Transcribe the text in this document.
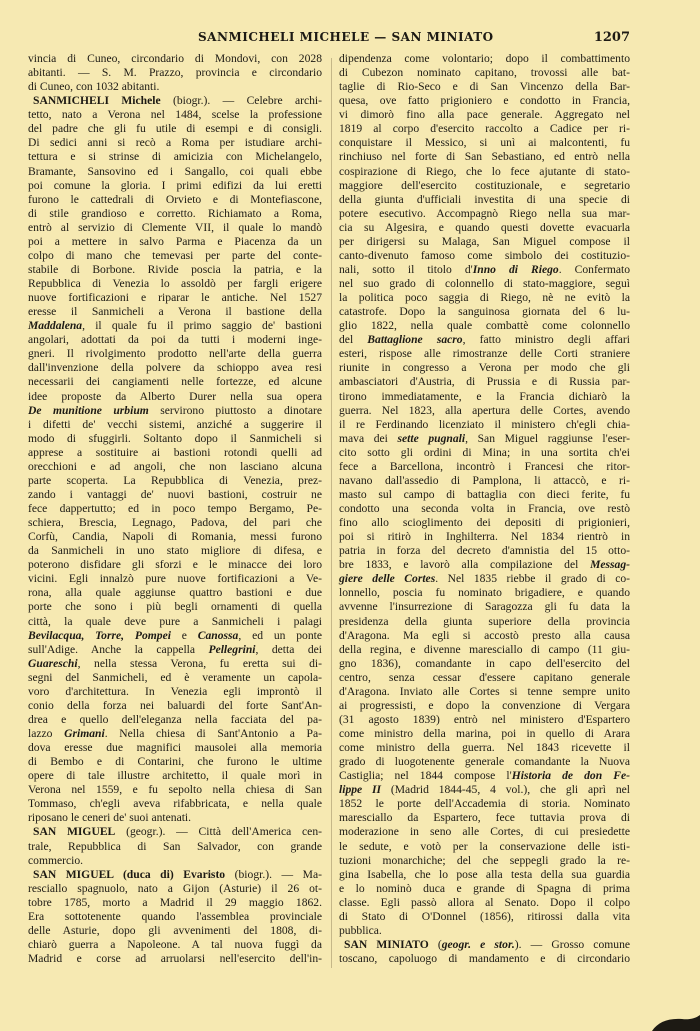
SANMICHELI MICHELE — SAN MINIATO	1207
vincia di Cuneo, circondario di Mondovi, con 2028
abitanti. — S. M. Prazzo, provincia e circondario
di Cuneo, con 1032 abitanti.
SANMICHELI Michele (biogr.). — Celebre archi-
tetto, nato a Verona nel 1484, scelse la professione
del padre che gli fu utile di esempi e di consigli.
Di sedici anni si recò a Roma per istudiare archi-
tettura e si strinse di amicizia con Michelangelo,
Bramante, Sansovino ed i Sangallo, coi quali ebbe
poi comune la gloria. I primi edifizi da lui eretti
furono le cattedrali di Orvieto e di Montefiascone,
di stile grandioso e corretto. Richiamato a Roma,
entrò al servizio di Clemente VII, il quale lo mandò
poi a mettere in salvo Parma e Piacenza da un
colpo di mano che temevasi per parte del conte-
stabile di Borbone. Rivide poscia la patria, e la
Repubblica di Venezia lo assoldò per fargli erigere
nuove fortificazioni e riparar le antiche. Nel 1527
eresse il Sanmicheli a Verona il bastione della
Maddalena, il quale fu il primo saggio de' bastioni
angolari, adottati da poi da tutti i moderni inge-
gneri. Il rivolgimento prodotto nell'arte della guerra
dall'invenzione della polvere da schioppo avea resi
necessarii dei cangiamenti nelle fortezze, ed alcune
idee proposte da Alberto Durer nella sua opera
De munitione urbium servirono piuttosto a dinotare
i difetti de' vecchi sistemi, anziché a suggerire il
modo di sfuggirli. Soltanto dopo il Sanmicheli si
apprese a sostituire ai bastioni rotondi quelli ad
orecchioni e ad angoli, che non lasciano alcuna
parte scoperta. La Repubblica di Venezia, prez-
zando i vantaggi de' nuovi bastioni, costruir ne
fece dappertutto; ed in poco tempo Bergamo, Pe-
schiera, Brescia, Legnago, Padova, del pari che
Corfù, Candia, Napoli di Romania, messi furono
da Sanmicheli in uno stato migliore di difesa, e
poterono disfidare gli sforzi e le minacce dei loro
vicini. Egli innalzò pure nuove fortificazioni a Ve-
rona, alla quale aggiunse quattro bastioni e due
porte che sono i più begli ornamenti di quella
città, la quale deve pure a Sanmicheli i palagi
Bevilacqua, Torre, Pompei e Canossa, ed un ponte
sull'Adige. Anche la cappella Pellegrini, detta dei
Guareschi, nella stessa Verona, fu eretta sui di-
segni del Sanmicheli, ed è veramente un capola-
voro d'architettura. In Venezia egli improntò il
conio della forza nei baluardi del forte Sant'An-
drea e quello dell'eleganza nella facciata del pa-
lazzo Grimani. Nella chiesa di Sant'Antonio a Pa-
dova eresse due magnifici mausolei alla memoria
di Bembo e di Contarini, che furono le ultime
opere di tale illustre architetto, il quale morì in
Verona nel 1559, e fu sepolto nella chiesa di San
Tommaso, ch'egli aveva rifabbricata, e nella quale
riposano le ceneri de' suoi antenati.
SAN MIGUEL (geogr.). — Città dell'America cen-
trale, Repubblica di San Salvador, con grande
commercio.
SAN MIGUEL (duca di) Evaristo (biogr.). — Ma-
resciallo spagnuolo, nato a Gijon (Asturie) il 26 ot-
tobre 1785, morto a Madrid il 29 maggio 1862.
Era sottotenente quando l'assemblea provinciale
delle Asturie, dopo gli avvenimenti del 1808, di-
chiarò guerra a Napoleone. A tal nuova fuggì da
Madrid e corse ad arruolarsi nell'esercito dell'in-
dipendenza come volontario; dopo il combattimento
di Cubezon nominato capitano, trovossi alle bat-
taglie di Rio-Seco e di San Vincenzo della Bar-
quesa, ove fatto prigioniero e condotto in Francia,
vi dimorò fino alla pace generale. Aggregato nel
1819 al corpo d'esercito raccolto a Cadice per ri-
conquistare il Messico, si unì ai malcontenti, fu
rinchiuso nel forte di San Sebastiano, ed entrò nella
cospirazione di Riego, che lo fece ajutante di stato-
maggiore dell'esercito costituzionale, e segretario
della giunta d'ufficiali investita di una specie di
potere esecutivo. Accompagnò Riego nella sua mar-
cia su Algesira, e quando questi dovette evacuarla
per dirigersi su Malaga, San Miguel compose il
canto-divenuto famoso come simbolo dei costituzio-
nali, sotto il titolo d'Inno di Riego. Confermato
nel suo grado di colonnello di stato-maggiore, seguì
la politica poco saggia di Riego, nè ne evitò la
catastrofe. Dopo la sanguinosa giornata del 6 lu-
glio 1822, nella quale combattè come colonnello
del Battaglione sacro, fatto ministro degli affari
esteri, rispose alle rimostranze delle Corti straniere
riunite in congresso a Verona per modo che gli
ambasciatori d'Austria, di Prussia e di Russia par-
tirono immediatamente, e la Francia dichiarò la
guerra. Nel 1823, alla apertura delle Cortes, avendo
il re Ferdinando licenziato il ministero ch'egli chia-
mava dei sette pugnali, San Miguel raggiunse l'eser-
cito sotto gli ordini di Mina; in una sortita ch'ei
fece a Barcellona, incontrò i Francesi che ritor-
navano dall'assedio di Pamplona, li attaccò, e ri-
masto sul campo di battaglia con dieci ferite, fu
condotto una seconda volta in Francia, ove restò
fino allo scioglimento dei depositi di prigionieri,
poi si ritirò in Inghilterra. Nel 1834 rientrò in
patria in forza del decreto d'amnistia del 15 otto-
bre 1833, e lavorò alla compilazione del Messag-
giere delle Cortes. Nel 1835 riebbe il grado di co-
lonnello, poscia fu nominato brigadiere, e quando
avvenne l'insurrezione di Saragozza gli fu data la
presidenza della giunta superiore della provincia
d'Aragona. Ma egli si accostò presto alla causa
della regina, e divenne maresciallo di campo (11 giu-
gno 1836), comandante in capo dell'esercito del
centro, senza cessar d'essere capitano generale
d'Aragona. Inviato alle Cortes si tenne sempre unito
ai progressisti, e dopo la convenzione di Vergara
(31 agosto 1839) entrò nel ministero d'Espartero
come ministro della marina, poi in quello di Arara
come ministro della guerra. Nel 1843 ricevette il
grado di luogotenente generale comandante la Nuova
Castiglia; nel 1844 compose l'Historia de don Fe-
lippe II (Madrid 1844-45, 4 vol.), che gli aprì nel
1852 le porte dell'Accademia di storia. Nominato
maresciallo da Espartero, fece tuttavia prova di
moderazione in seno alle Cortes, di cui presiedette
le sedute, e votò per la conservazione delle isti-
tuzioni monarchiche; del che seppegli grado la re-
gina Isabella, che lo pose alla testa della sua guardia
e lo nominò duca e grande di Spagna di prima
classe. Egli passò allora al Senato. Dopo il colpo
di Stato di O'Donnel (1856), ritirossi dalla vita
pubblica.
SAN MINIATO (geogr. e stor.). — Grosso comune
toscano, capoluogo di mandamento e di circondario
